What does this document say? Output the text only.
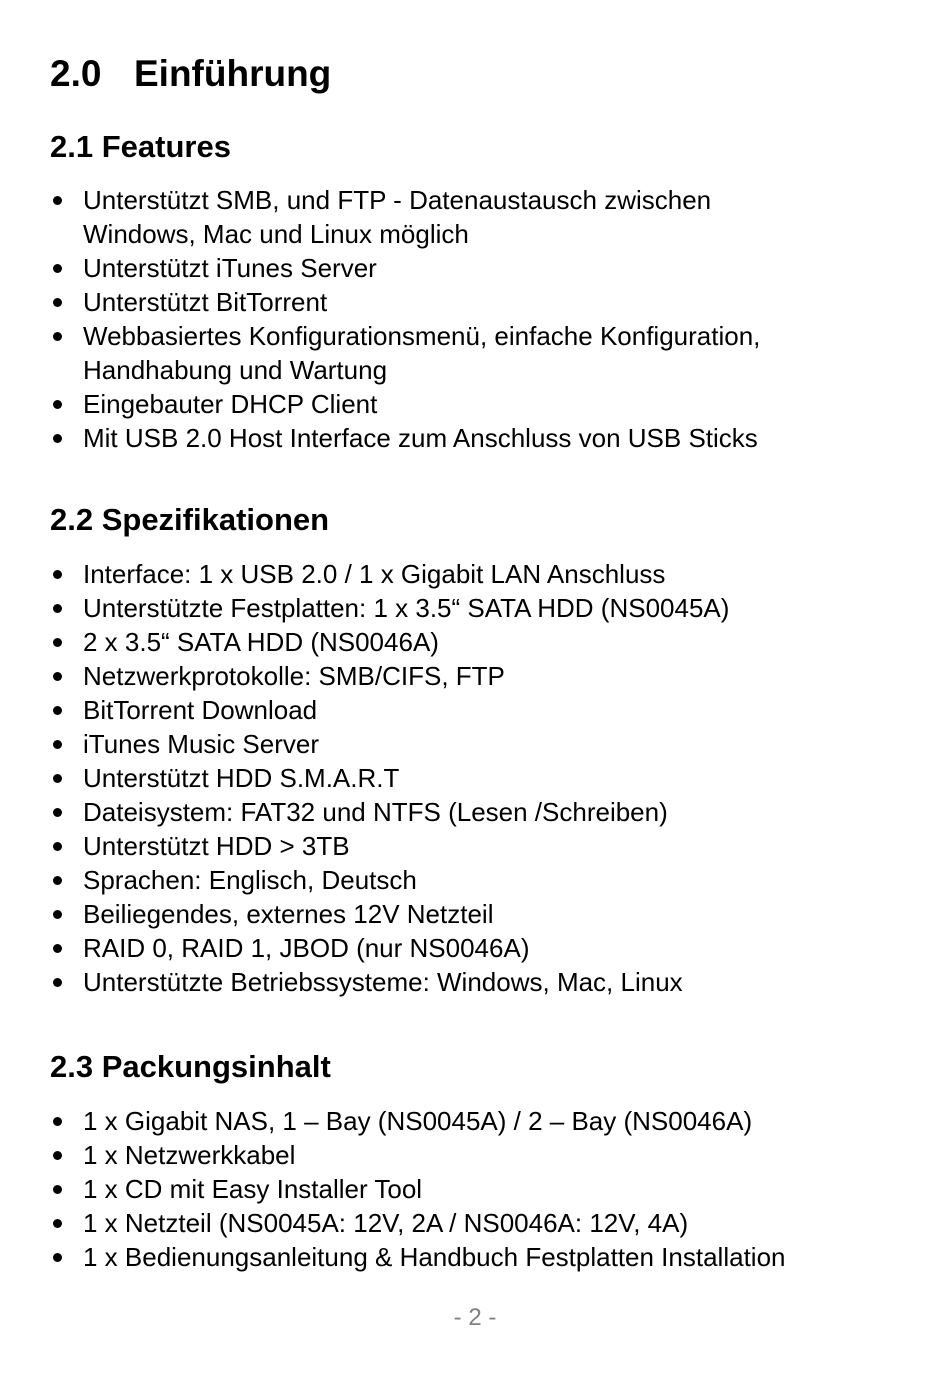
2.0 Einführung
2.1 Features
Unterstützt SMB, und FTP - Datenaustausch zwischen
Windows, Mac und Linux möglich
Unterstützt iTunes Server
Unterstützt BitTorrent
Webbasiertes Konfigurationsmenü, einfache Konfiguration,
Handhabung und Wartung
Eingebauter DHCP Client
Mit USB 2.0 Host Interface zum Anschluss von USB Sticks
2.2 Spezifikationen
Interface: 1 x USB 2.0 / 1 x Gigabit LAN Anschluss
Unterstützte Festplatten: 1 x 3.5“ SATA HDD (NS0045A)
2 x 3.5“ SATA HDD (NS0046A)
Netzwerkprotokolle: SMB/CIFS, FTP
BitTorrent Download
iTunes Music Server
Unterstützt HDD S.M.A.R.T
Dateisystem: FAT32 und NTFS (Lesen /Schreiben)
Unterstützt HDD > 3TB
Sprachen: Englisch, Deutsch
Beiliegendes, externes 12V Netzteil
RAID 0, RAID 1, JBOD (nur NS0046A)
Unterstützte Betriebssysteme: Windows, Mac, Linux
2.3 Packungsinhalt
1 x Gigabit NAS, 1 – Bay (NS0045A) / 2 – Bay (NS0046A)
1 x Netzwerkkabel
1 x CD mit Easy Installer Tool
1 x Netzteil (NS0045A: 12V, 2A / NS0046A: 12V, 4A)
1 x Bedienungsanleitung & Handbuch Festplatten Installation
- 2 -
